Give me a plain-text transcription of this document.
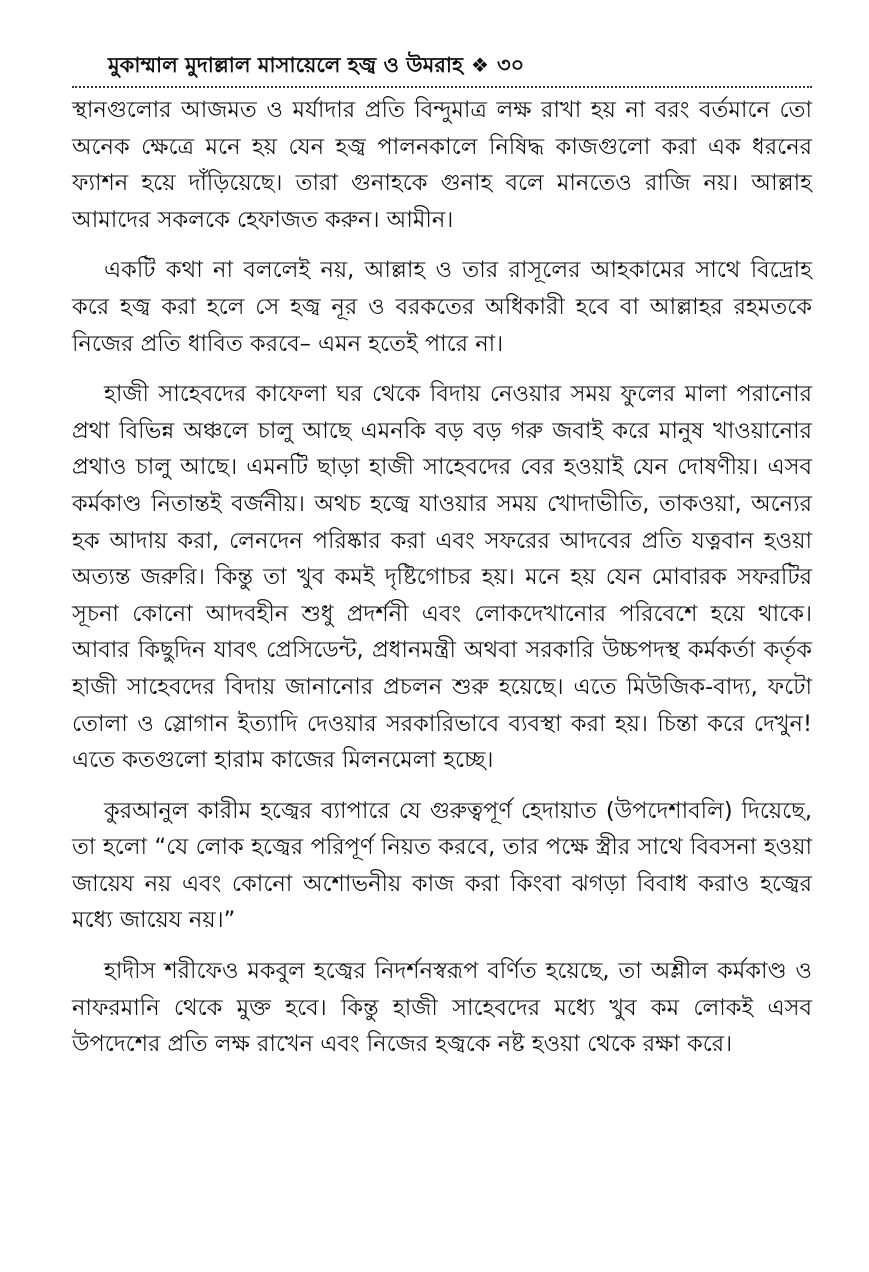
মুকাম্মাল মুদাল্লাল মাসায়েলে হজ্ব ও উমরাহ ❖ ৩০

স্থানগুলোর আজমত ও মর্যাদার প্রতি বিন্দুমাত্র লক্ষ রাখা হয় না বরং বর্তমানে তো অনেক ক্ষেত্রে মনে হয় যেন হজ্ব পালনকালে নিষিদ্ধ কাজগুলো করা এক ধরনের ফ্যাশন হয়ে দাঁড়িয়েছে। তারা গুনাহকে গুনাহ বলে মানতেও রাজি নয়। আল্লাহ আমাদের সকলকে হেফাজত করুন। আমীন।

একটি কথা না বললেই নয়, আল্লাহ ও তার রাসূলের আহকামের সাথে বিদ্রোহ করে হজ্ব করা হলে সে হজ্ব নূর ও বরকতের অধিকারী হবে বা আল্লাহর রহমতকে নিজের প্রতি ধাবিত করবে– এমন হতেই পারে না।

হাজী সাহেবদের কাফেলা ঘর থেকে বিদায় নেওয়ার সময় ফুলের মালা পরানোর প্রথা বিভিন্ন অঞ্চলে চালু আছে এমনকি বড় বড় গরু জবাই করে মানুষ খাওয়ানোর প্রথাও চালু আছে। এমনটি ছাড়া হাজী সাহেবদের বের হওয়াই যেন দোষণীয়। এসব কর্মকাণ্ড নিতান্তই বর্জনীয়। অথচ হজ্বে যাওয়ার সময় খোদাভীতি, তাকওয়া, অন্যের হক আদায় করা, লেনদেন পরিষ্কার করা এবং সফরের আদবের প্রতি যত্নবান হওয়া অত্যন্ত জরুরি। কিন্তু তা খুব কমই দৃষ্টিগোচর হয়। মনে হয় যেন মোবারক সফরটির সূচনা কোনো আদবহীন শুধু প্রদর্শনী এবং লোকদেখানোর পরিবেশে হয়ে থাকে। আবার কিছুদিন যাবৎ প্রেসিডেন্ট, প্রধানমন্ত্রী অথবা সরকারি উচ্চপদস্থ কর্মকর্তা কর্তৃক হাজী সাহেবদের বিদায় জানানোর প্রচলন শুরু হয়েছে। এতে মিউজিক-বাদ্য, ফটো তোলা ও স্লোগান ইত্যাদি দেওয়ার সরকারিভাবে ব্যবস্থা করা হয়। চিন্তা করে দেখুন! এতে কতগুলো হারাম কাজের মিলনমেলা হচ্ছে।

কুরআনুল কারীম হজ্বের ব্যাপারে যে গুরুত্বপূর্ণ হেদায়াত (উপদেশাবলি) দিয়েছে, তা হলো “যে লোক হজ্বের পরিপূর্ণ নিয়ত করবে, তার পক্ষে স্ত্রীর সাথে বিবসনা হওয়া জায়েয নয় এবং কোনো অশোভনীয় কাজ করা কিংবা ঝগড়া বিবাধ করাও হজ্বের মধ্যে জায়েয নয়।”

হাদীস শরীফেও মকবুল হজ্বের নিদর্শনস্বরূপ বর্ণিত হয়েছে, তা অশ্লীল কর্মকাণ্ড ও নাফরমানি থেকে মুক্ত হবে। কিন্তু হাজী সাহেবদের মধ্যে খুব কম লোকই এসব উপদেশের প্রতি লক্ষ রাখেন এবং নিজের হজ্বকে নষ্ট হওয়া থেকে রক্ষা করে।
